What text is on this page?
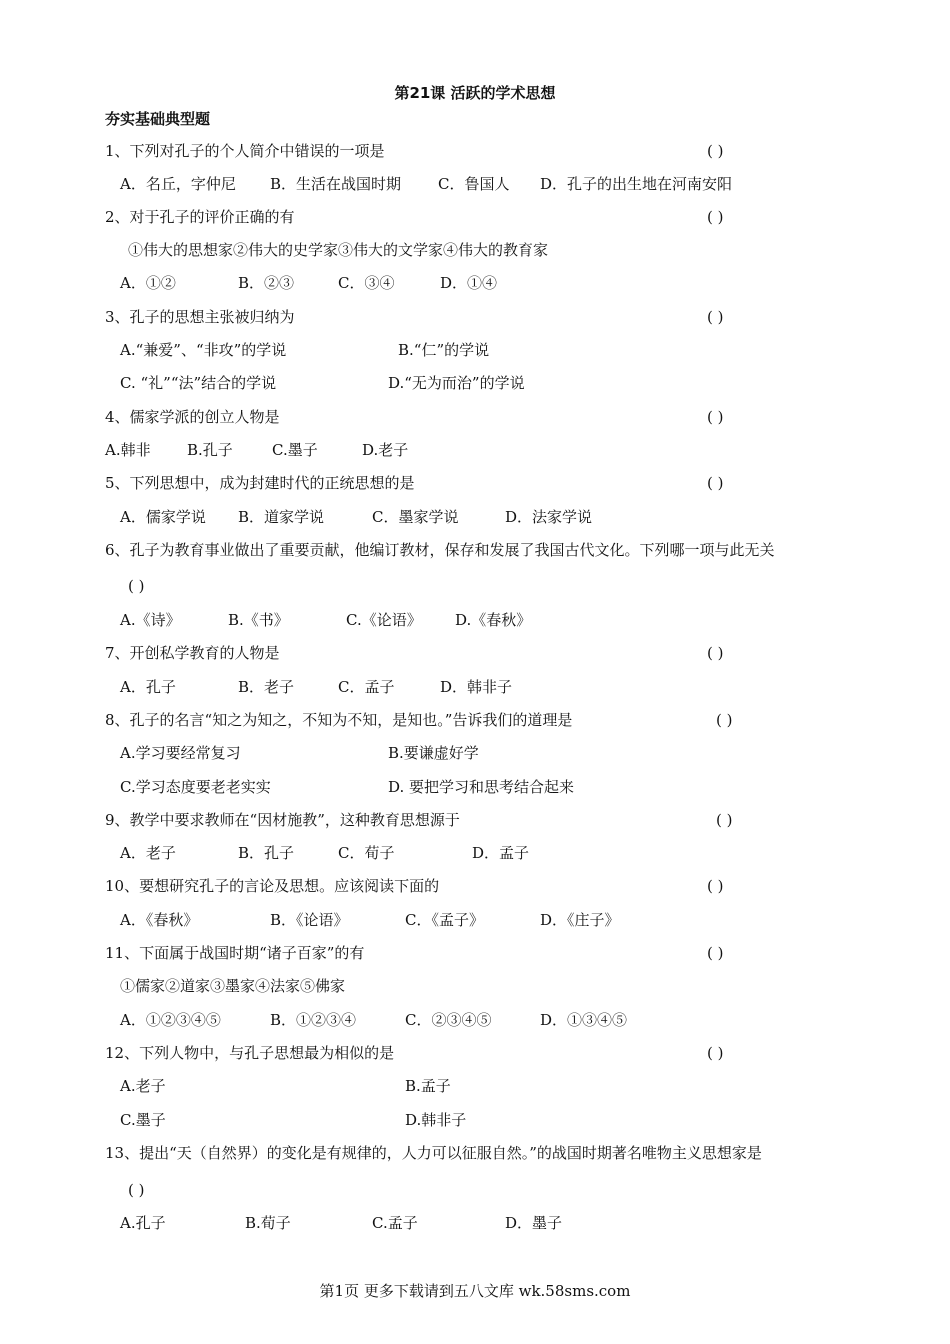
第21课 活跃的学术思想
夯实基础典型题
1、下列对孔子的个人简介中错误的一项是	( )
A．名丘，字仲尼 B．生活在战国时期 C．鲁国人 D．孔子的出生地在河南安阳
2、对于孔子的评价正确的有	( )
①伟大的思想家②伟大的史学家③伟大的文学家④伟大的教育家
A．①②	B．②③	C．③④	D．①④
3、孔子的思想主张被归纳为	( )
A.“兼爱”、“非攻”的学说	B.“仁”的学说
C. “礼”“法”结合的学说	D.“无为而治”的学说
4、儒家学派的创立人物是	( )
A.韩非 B.孔子	C.墨子	D.老子
5、下列思想中，成为封建时代的正统思想的是	( )
A．儒家学说 B．道家学说	C．墨家学说	D．法家学说
6、孔子为教育事业做出了重要贡献，他编订教材，保存和发展了我国古代文化。下列哪一项与此无关
( )
A.《诗》	B.《书》	C.《论语》 D.《春秋》
7、开创私学教育的人物是	( )
A．孔子	B．老子	C．孟子	D．韩非子
8、孔子的名言“知之为知之，不知为不知，是知也。”告诉我们的道理是	( )
A.学习要经常复习	B.要谦虚好学
C.学习态度要老老实实	D. 要把学习和思考结合起来
9、教学中要求教师在“因材施教”，这种教育思想源于	( )
A．老子	B．孔子	C．荀子	D．孟子
10、要想研究孔子的言论及思想。应该阅读下面的	( )
A．《春秋》	B．《论语》	C．《孟子》	D．《庄子》
11、下面属于战国时期“诸子百家”的有	( )
①儒家②道家③墨家④法家⑤佛家
A．①②③④⑤	B．①②③④	C．②③④⑤	D．①③④⑤
12、下列人物中，与孔子思想最为相似的是	( )
A.老子	B.孟子
C.墨子	D.韩非子
13、提出“天（自然界）的变化是有规律的，人力可以征服自然。”的战国时期著名唯物主义思想家是
( )
A.孔子	B.荀子	C.孟子	D．墨子
第1页 更多下载请到五八文库 wk.58sms.com
